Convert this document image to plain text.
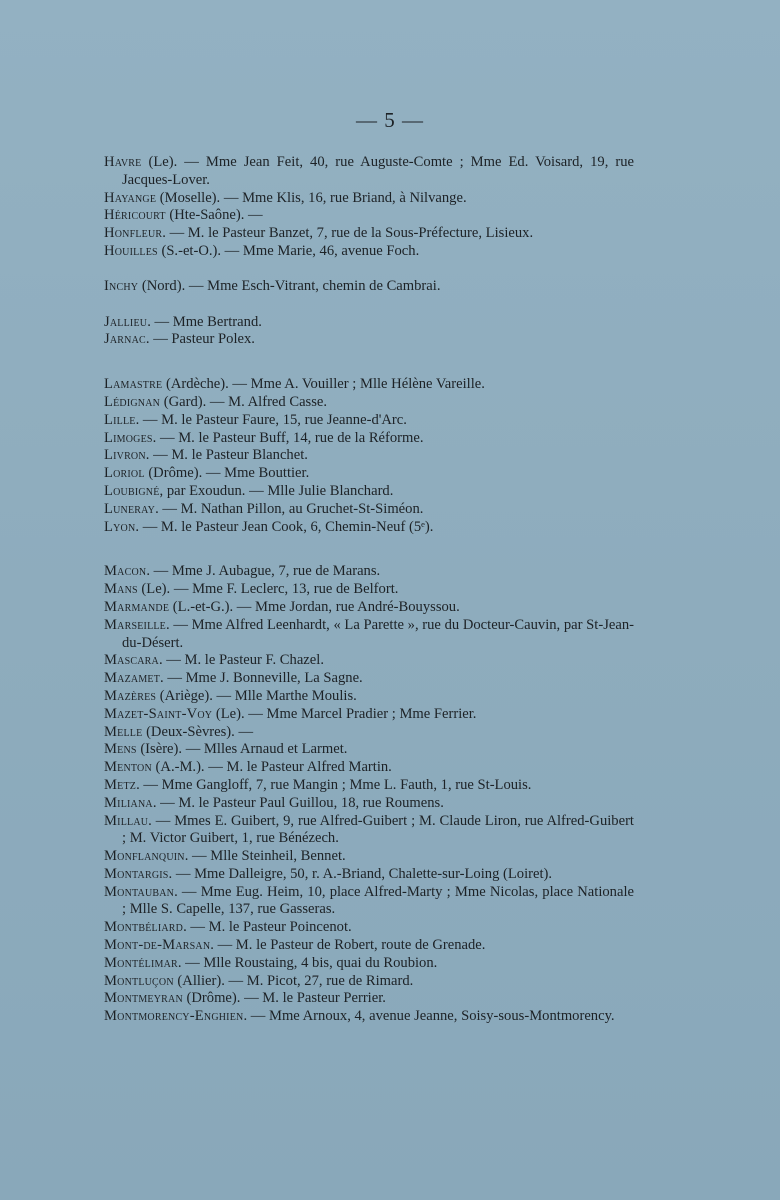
— 5 —
Havre (Le). — Mme Jean Feit, 40, rue Auguste-Comte ; Mme Ed. Voisard, 19, rue Jacques-Lover.
Hayange (Moselle). — Mme Klis, 16, rue Briand, à Nilvange.
Héricourt (Hte-Saône). —
Honfleur. — M. le Pasteur Banzet, 7, rue de la Sous-Préfecture, Lisieux.
Houilles (S.-et-O.). — Mme Marie, 46, avenue Foch.
Inchy (Nord). — Mme Esch-Vitrant, chemin de Cambrai.
Jallieu. — Mme Bertrand.
Jarnac. — Pasteur Polex.
Lamastre (Ardèche). — Mme A. Vouiller ; Mlle Hélène Vareille.
Lédignan (Gard). — M. Alfred Casse.
Lille. — M. le Pasteur Faure, 15, rue Jeanne-d'Arc.
Limoges. — M. le Pasteur Buff, 14, rue de la Réforme.
Livron. — M. le Pasteur Blanchet.
Loriol (Drôme). — Mme Bouttier.
Loubigné, par Exoudun. — Mlle Julie Blanchard.
Luneray. — M. Nathan Pillon, au Gruchet-St-Siméon.
Lyon. — M. le Pasteur Jean Cook, 6, Chemin-Neuf (5ᵉ).
Macon. — Mme J. Aubague, 7, rue de Marans.
Mans (Le). — Mme F. Leclerc, 13, rue de Belfort.
Marmande (L.-et-G.). — Mme Jordan, rue André-Bouyssou.
Marseille. — Mme Alfred Leenhardt, « La Parette », rue du Docteur-Cauvin, par St-Jean-du-Désert.
Mascara. — M. le Pasteur F. Chazel.
Mazamet. — Mme J. Bonneville, La Sagne.
Mazères (Ariège). — Mlle Marthe Moulis.
Mazet-Saint-Voy (Le). — Mme Marcel Pradier ; Mme Ferrier.
Melle (Deux-Sèvres). —
Mens (Isère). — Mlles Arnaud et Larmet.
Menton (A.-M.). — M. le Pasteur Alfred Martin.
Metz. — Mme Gangloff, 7, rue Mangin ; Mme L. Fauth, 1, rue St-Louis.
Miliana. — M. le Pasteur Paul Guillou, 18, rue Roumens.
Millau. — Mmes E. Guibert, 9, rue Alfred-Guibert ; M. Claude Liron, rue Alfred-Guibert ; M. Victor Guibert, 1, rue Bénézech.
Monflanquin. — Mlle Steinheil, Bennet.
Montargis. — Mme Dalleigre, 50, r. A.-Briand, Chalette-sur-Loing (Loiret).
Montauban. — Mme Eug. Heim, 10, place Alfred-Marty ; Mme Nicolas, place Nationale ; Mlle S. Capelle, 137, rue Gasseras.
Montbéliard. — M. le Pasteur Poincenot.
Mont-de-Marsan. — M. le Pasteur de Robert, route de Grenade.
Montélimar. — Mlle Roustaing, 4 bis, quai du Roubion.
Montluçon (Allier). — M. Picot, 27, rue de Rimard.
Montmeyran (Drôme). — M. le Pasteur Perrier.
Montmorency-Enghien. — Mme Arnoux, 4, avenue Jeanne, Soisy-sous-Montmorency.
